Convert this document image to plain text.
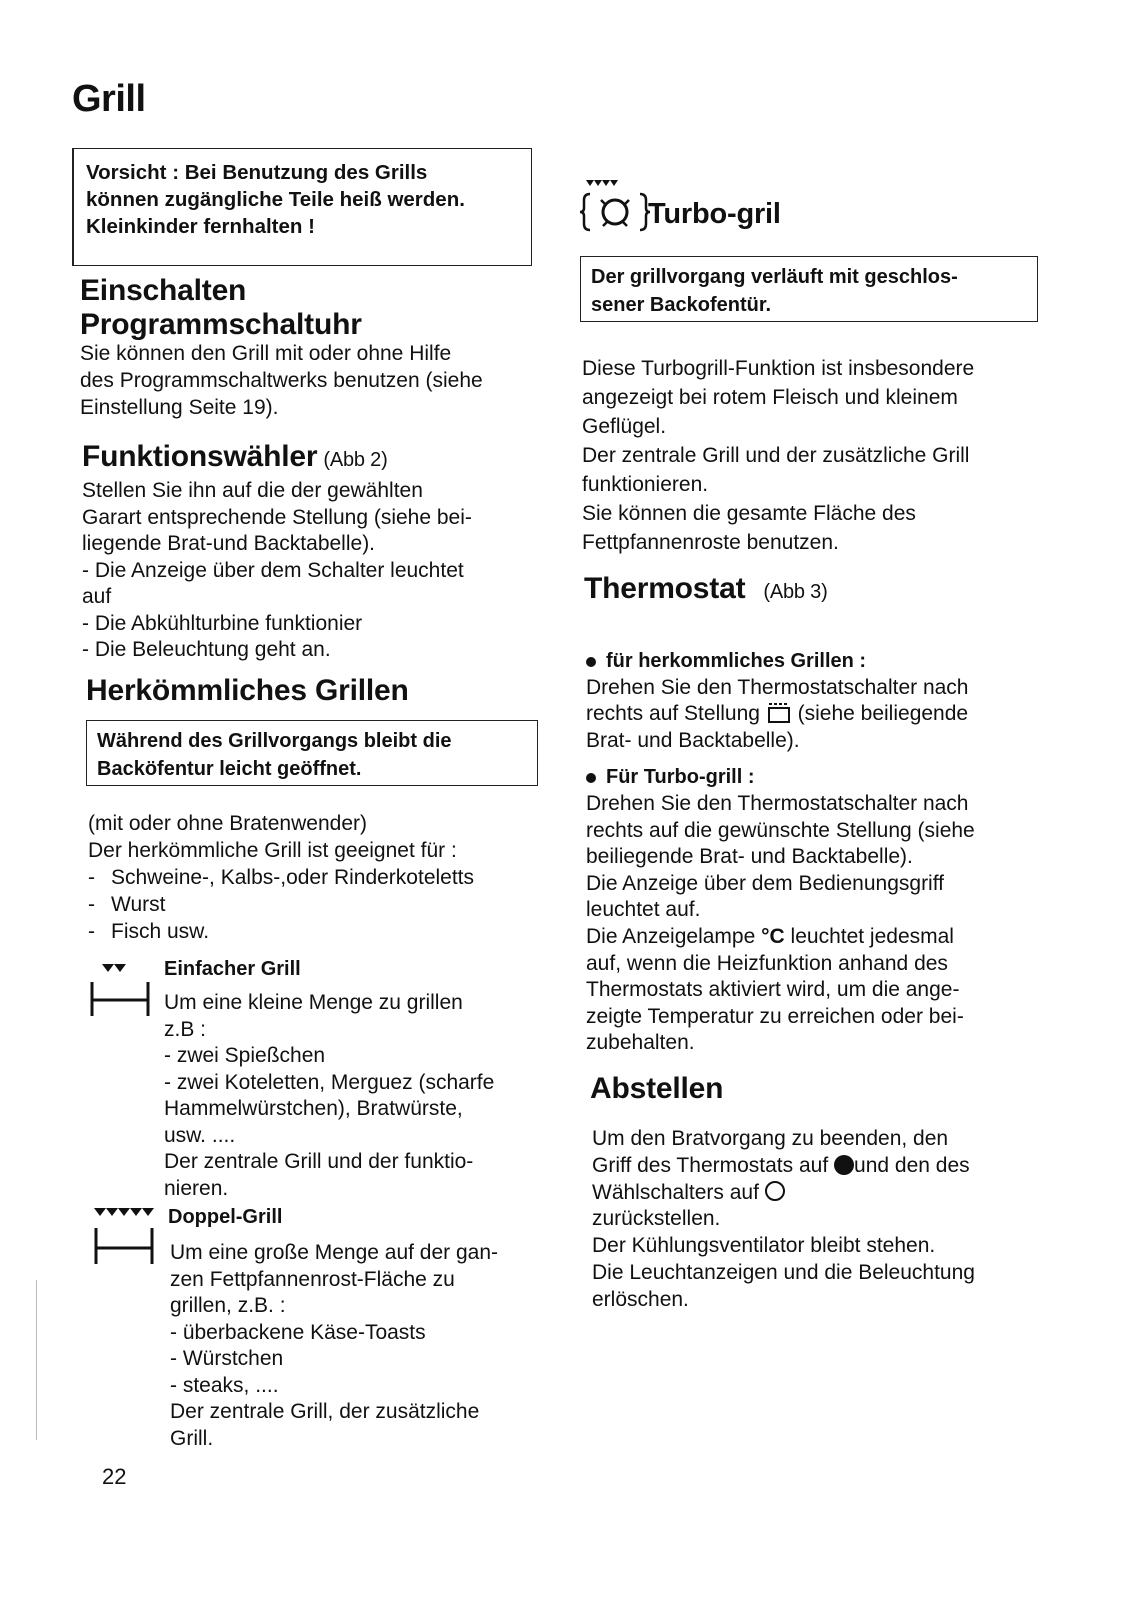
Grill
Vorsicht : Bei Benutzung des Grills
können zugängliche Teile heiß werden.
Kleinkinder fernhalten !
Einschalten
Programmschaltuhr
Sie können den Grill mit oder ohne Hilfe
des Programmschaltwerks benutzen (siehe
Einstellung Seite 19).
Funktionswähler (Abb 2)
Stellen Sie ihn auf die der gewählten
Garart entsprechende Stellung (siehe bei-
liegende Brat-und Backtabelle).
- Die Anzeige über dem Schalter leuchtet
auf
- Die Abkühlturbine funktionier
- Die Beleuchtung geht an.
Herkömmliches Grillen
Während des Grillvorgangs bleibt die
Backöfentur leicht geöffnet.
(mit oder ohne Bratenwender)
Der herkömmliche Grill ist geeignet für :
- Schweine-, Kalbs-,oder Rinderkoteletts
- Wurst
- Fisch usw.
Einfacher Grill
Um eine kleine Menge zu grillen
z.B :
- zwei Spießchen
- zwei Koteletten, Merguez (scharfe
Hammelwürstchen), Bratwürste,
usw. ....
Der zentrale Grill und der funktio-
nieren.
Doppel-Grill
Um eine große Menge auf der gan-
zen Fettpfannenrost-Fläche zu
grillen, z.B. :
- überbackene Käse-Toasts
- Würstchen
- steaks, ....
Der zentrale Grill, der zusätzliche
Grill.
22
Turbo-gril
Der grillvorgang verläuft mit geschlos-
sener Backofentür.
Diese Turbogrill-Funktion ist insbesondere
angezeigt bei rotem Fleisch und kleinem
Geflügel.
Der zentrale Grill und der zusätzliche Grill
funktionieren.
Sie können die gesamte Fläche des
Fettpfannenroste benutzen.
Thermostat (Abb 3)
für herkommliches Grillen :
Drehen Sie den Thermostatschalter nach
rechts auf Stellung (siehe beiliegende
Brat- und Backtabelle).
Für Turbo-grill :
Drehen Sie den Thermostatschalter nach
rechts auf die gewünschte Stellung (siehe
beiliegende Brat- und Backtabelle).
Die Anzeige über dem Bedienungsgriff
leuchtet auf.
Die Anzeigelampe °C leuchtet jedesmal
auf, wenn die Heizfunktion anhand des
Thermostats aktiviert wird, um die ange-
zeigte Temperatur zu erreichen oder bei-
zubehalten.
Abstellen
Um den Bratvorgang zu beenden, den
Griff des Thermostats auf und den des
Wählschalters auf
zurückstellen.
Der Kühlungsventilator bleibt stehen.
Die Leuchtanzeigen und die Beleuchtung
erlöschen.
